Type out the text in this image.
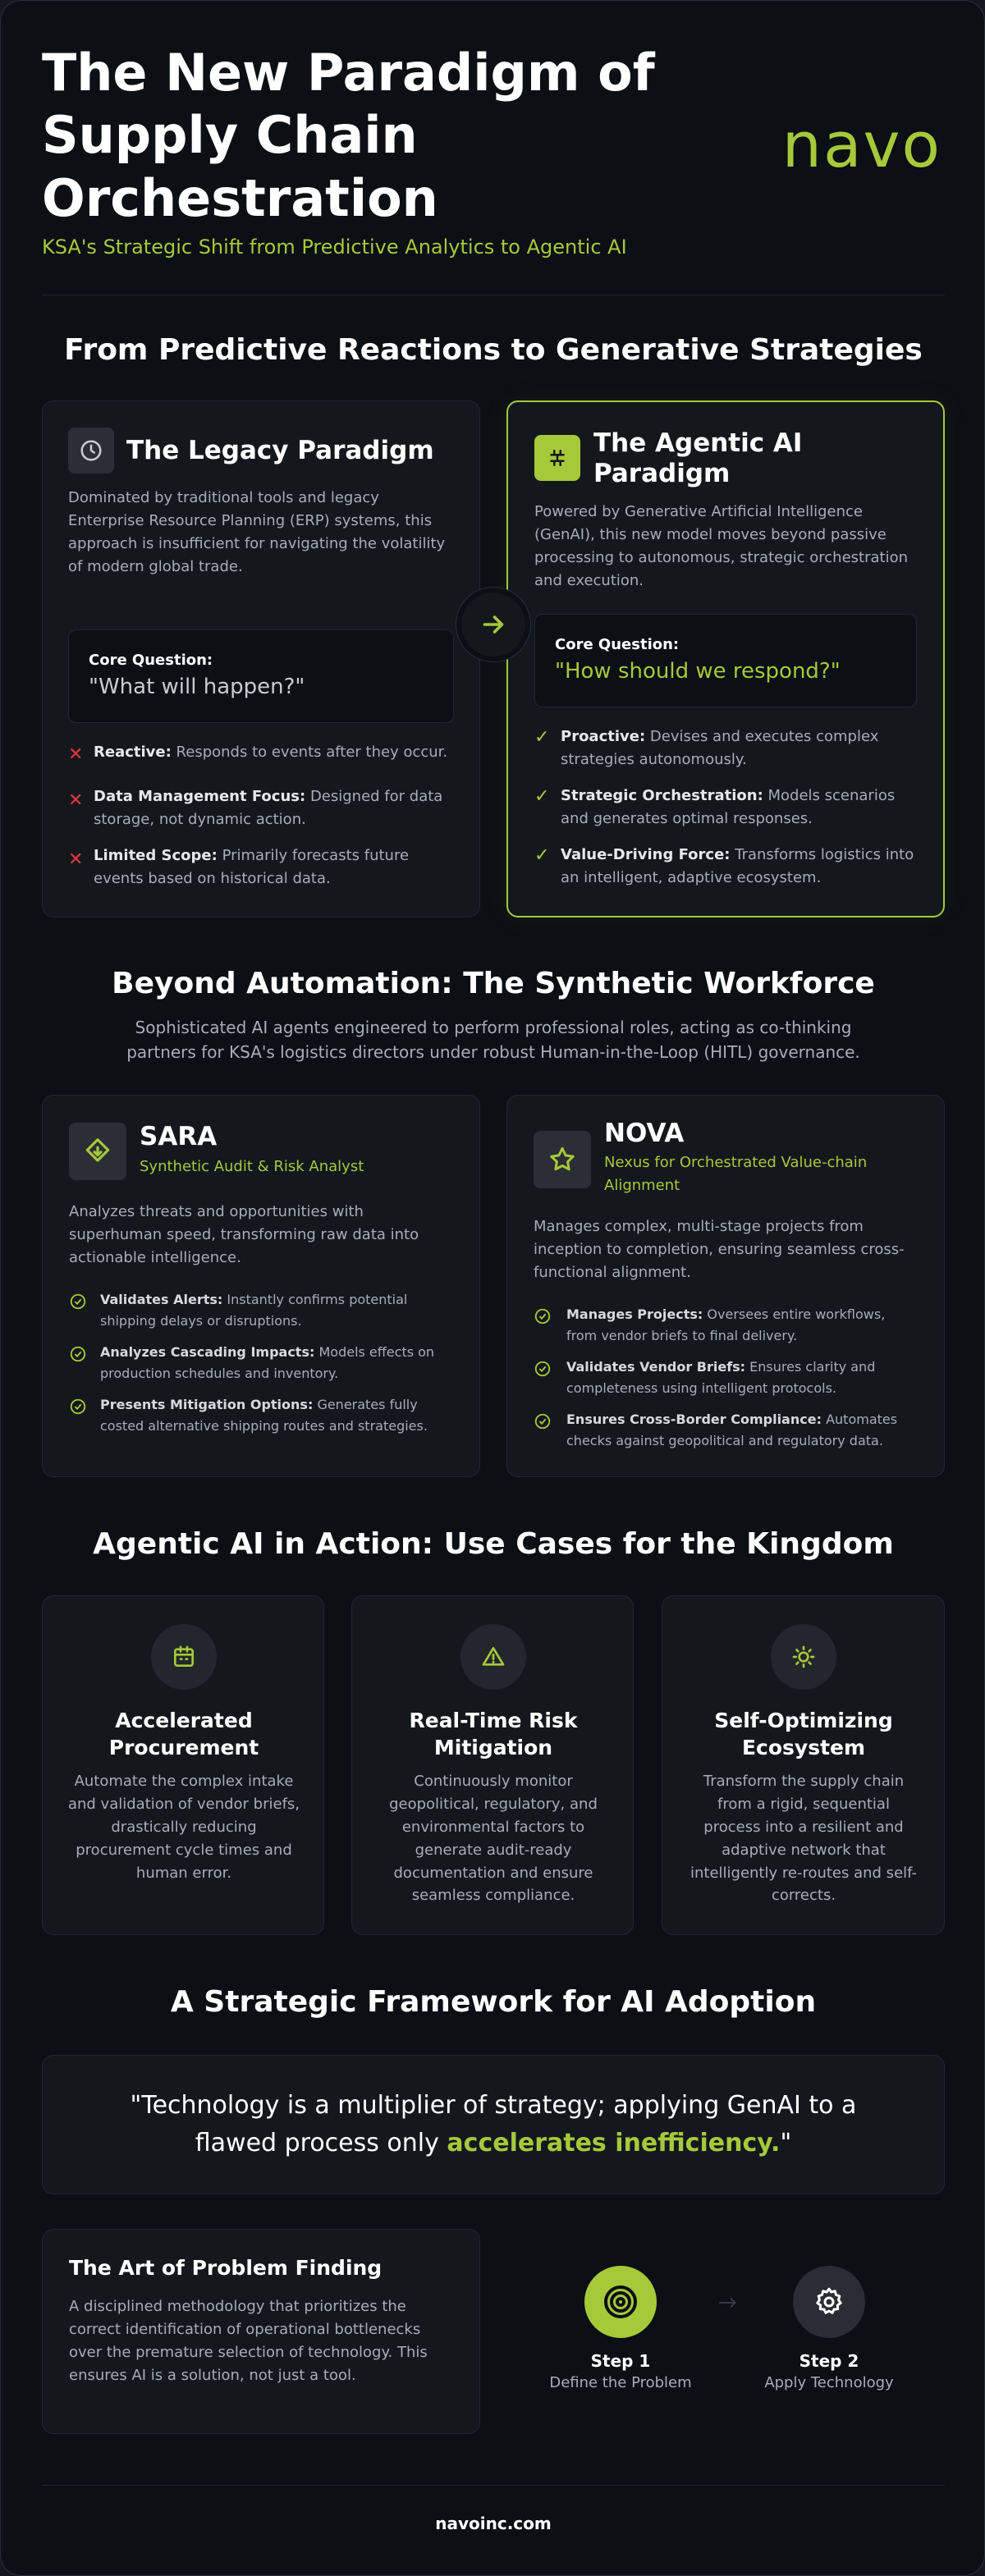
The New Paradigm of Supply Chain Orchestration
navo
KSA's Strategic Shift from Predictive Analytics to Agentic AI
From Predictive Reactions to Generative Strategies
The Legacy Paradigm
Dominated by traditional tools and legacy Enterprise Resource Planning (ERP) systems, this approach is insufficient for navigating the volatility of modern global trade.
Core Question:
"What will happen?"
✕ Reactive: Responds to events after they occur.
✕ Data Management Focus: Designed for data storage, not dynamic action.
✕ Limited Scope: Primarily forecasts future events based on historical data.
The Agentic AI Paradigm
Powered by Generative Artificial Intelligence (GenAI), this new model moves beyond passive processing to autonomous, strategic orchestration and execution.
Core Question:
"How should we respond?"
✓ Proactive: Devises and executes complex strategies autonomously.
✓ Strategic Orchestration: Models scenarios and generates optimal responses.
✓ Value-Driving Force: Transforms logistics into an intelligent, adaptive ecosystem.
Beyond Automation: The Synthetic Workforce
Sophisticated AI agents engineered to perform professional roles, acting as co-thinking partners for KSA's logistics directors under robust Human-in-the-Loop (HITL) governance.
SARA
Synthetic Audit & Risk Analyst
Analyzes threats and opportunities with superhuman speed, transforming raw data into actionable intelligence.
Validates Alerts: Instantly confirms potential shipping delays or disruptions.
Analyzes Cascading Impacts: Models effects on production schedules and inventory.
Presents Mitigation Options: Generates fully costed alternative shipping routes and strategies.
NOVA
Nexus for Orchestrated Value-chain Alignment
Manages complex, multi-stage projects from inception to completion, ensuring seamless cross-functional alignment.
Manages Projects: Oversees entire workflows, from vendor briefs to final delivery.
Validates Vendor Briefs: Ensures clarity and completeness using intelligent protocols.
Ensures Cross-Border Compliance: Automates checks against geopolitical and regulatory data.
Agentic AI in Action: Use Cases for the Kingdom
Accelerated Procurement
Automate the complex intake and validation of vendor briefs, drastically reducing procurement cycle times and human error.
Real-Time Risk Mitigation
Continuously monitor geopolitical, regulatory, and environmental factors to generate audit-ready documentation and ensure seamless compliance.
Self-Optimizing Ecosystem
Transform the supply chain from a rigid, sequential process into a resilient and adaptive network that intelligently re-routes and self-corrects.
A Strategic Framework for AI Adoption
"Technology is a multiplier of strategy; applying GenAI to a flawed process only accelerates inefficiency."
The Art of Problem Finding
A disciplined methodology that prioritizes the correct identification of operational bottlenecks over the premature selection of technology. This ensures AI is a solution, not just a tool.
Step 1
Define the Problem
Step 2
Apply Technology
navoinc.com
